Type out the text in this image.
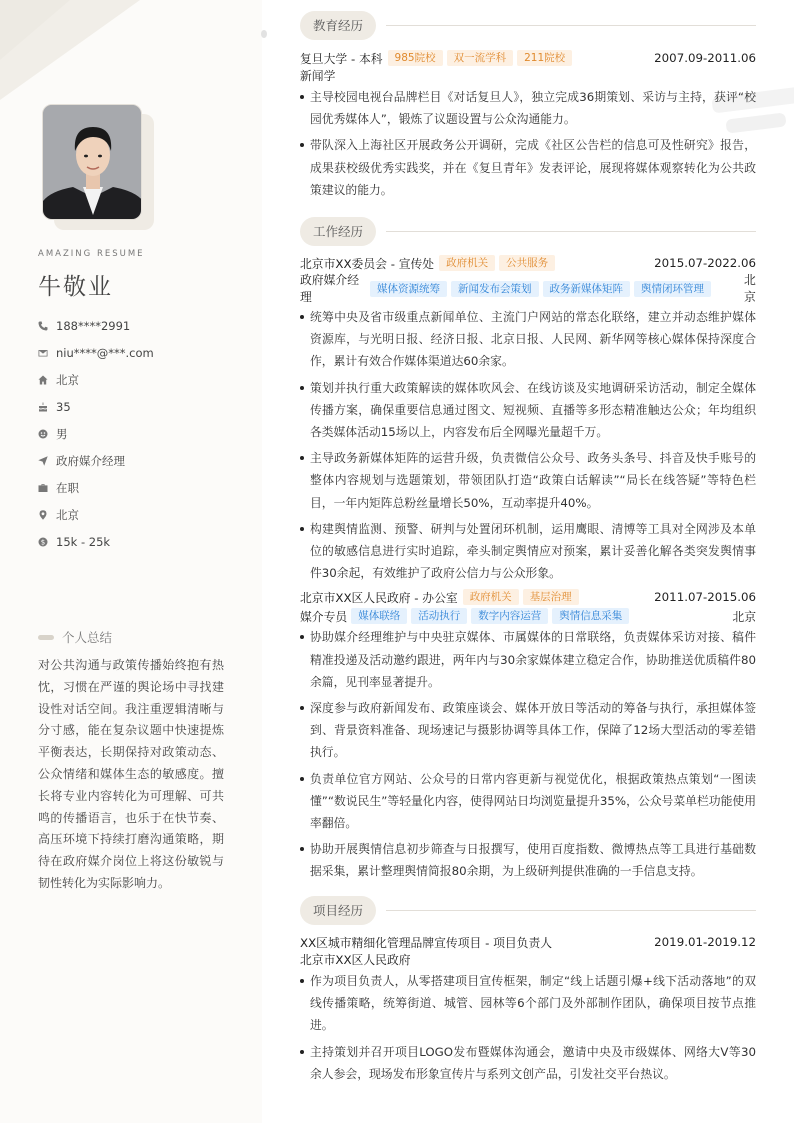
AMAZING RESUME
牛敬业
188****2991
niu****@***.com
北京
35
男
政府媒介经理
在职
北京
$ 15k - 25k
个人总结

对公共沟通与政策传播始终抱有热忱，习惯在严谨的舆论场中寻找建设性对话空间。我注重逻辑清晰与分寸感，能在复杂议题中快速提炼平衡表达，长期保持对政策动态、公众情绪和媒体生态的敏感度。擅长将专业内容转化为可理解、可共鸣的传播语言，也乐于在快节奏、高压环境下持续打磨沟通策略，期待在政府媒介岗位上将这份敏锐与韧性转化为实际影响力。

教育经历
复旦大学 - 本科	985院校	双一流学科	211院校	2007.09-2011.06
新闻学
主导校园电视台品牌栏目《对话复旦人》，独立完成36期策划、采访与主持，获评“校园优秀媒体人”，锻炼了议题设置与公众沟通能力。
带队深入上海社区开展政务公开调研，完成《社区公告栏的信息可及性研究》报告，成果获校级优秀实践奖，并在《复旦青年》发表评论，展现将媒体观察转化为公共政策建议的能力。
工作经历
北京市XX委员会 - 宣传处	政府机关	公共服务	2015.07-2022.06
政府媒介经理
媒体资源统筹	新闻发布会策划	政务新媒体矩阵	舆情闭环管理
北京
统筹中央及省市级重点新闻单位、主流门户网站的常态化联络，建立并动态维护媒体资源库，与光明日报、经济日报、北京日报、人民网、新华网等核心媒体保持深度合作，累计有效合作媒体渠道达60余家。
策划并执行重大政策解读的媒体吹风会、在线访谈及实地调研采访活动，制定全媒体传播方案，确保重要信息通过图文、短视频、直播等多形态精准触达公众；年均组织各类媒体活动15场以上，内容发布后全网曝光量超千万。
主导政务新媒体矩阵的运营升级，负责微信公众号、政务头条号、抖音及快手账号的整体内容规划与选题策划，带领团队打造“政策白话解读”“局长在线答疑”等特色栏目，一年内矩阵总粉丝量增长50%，互动率提升40%。
构建舆情监测、预警、研判与处置闭环机制，运用鹰眼、清博等工具对全网涉及本单位的敏感信息进行实时追踪，牵头制定舆情应对预案，累计妥善化解各类突发舆情事件30余起，有效维护了政府公信力与公众形象。
北京市XX区人民政府 - 办公室	政府机关	基层治理	2011.07-2015.06
媒介专员	媒体联络	活动执行	数字内容运营	舆情信息采集	北京
协助媒介经理维护与中央驻京媒体、市属媒体的日常联络，负责媒体采访对接、稿件精准投递及活动邀约跟进，两年内与30余家媒体建立稳定合作，协助推送优质稿件80余篇，见刊率显著提升。
深度参与政府新闻发布、政策座谈会、媒体开放日等活动的筹备与执行，承担媒体签到、背景资料准备、现场速记与摄影协调等具体工作，保障了12场大型活动的零差错执行。
负责单位官方网站、公众号的日常内容更新与视觉优化，根据政策热点策划“一图读懂”“数说民生”等轻量化内容，使得网站日均浏览量提升35%，公众号菜单栏功能使用率翻倍。
协助开展舆情信息初步筛查与日报撰写，使用百度指数、微博热点等工具进行基础数据采集，累计整理舆情简报80余期，为上级研判提供准确的一手信息支持。
项目经历
XX区城市精细化管理品牌宣传项目 - 项目负责人	2019.01-2019.12
北京市XX区人民政府
作为项目负责人，从零搭建项目宣传框架，制定“线上话题引爆+线下活动落地”的双线传播策略，统筹街道、城管、园林等6个部门及外部制作团队，确保项目按节点推进。
主持策划并召开项目LOGO发布暨媒体沟通会，邀请中央及市级媒体、网络大V等30余人参会，现场发布形象宣传片与系列文创产品，引发社交平台热议。
